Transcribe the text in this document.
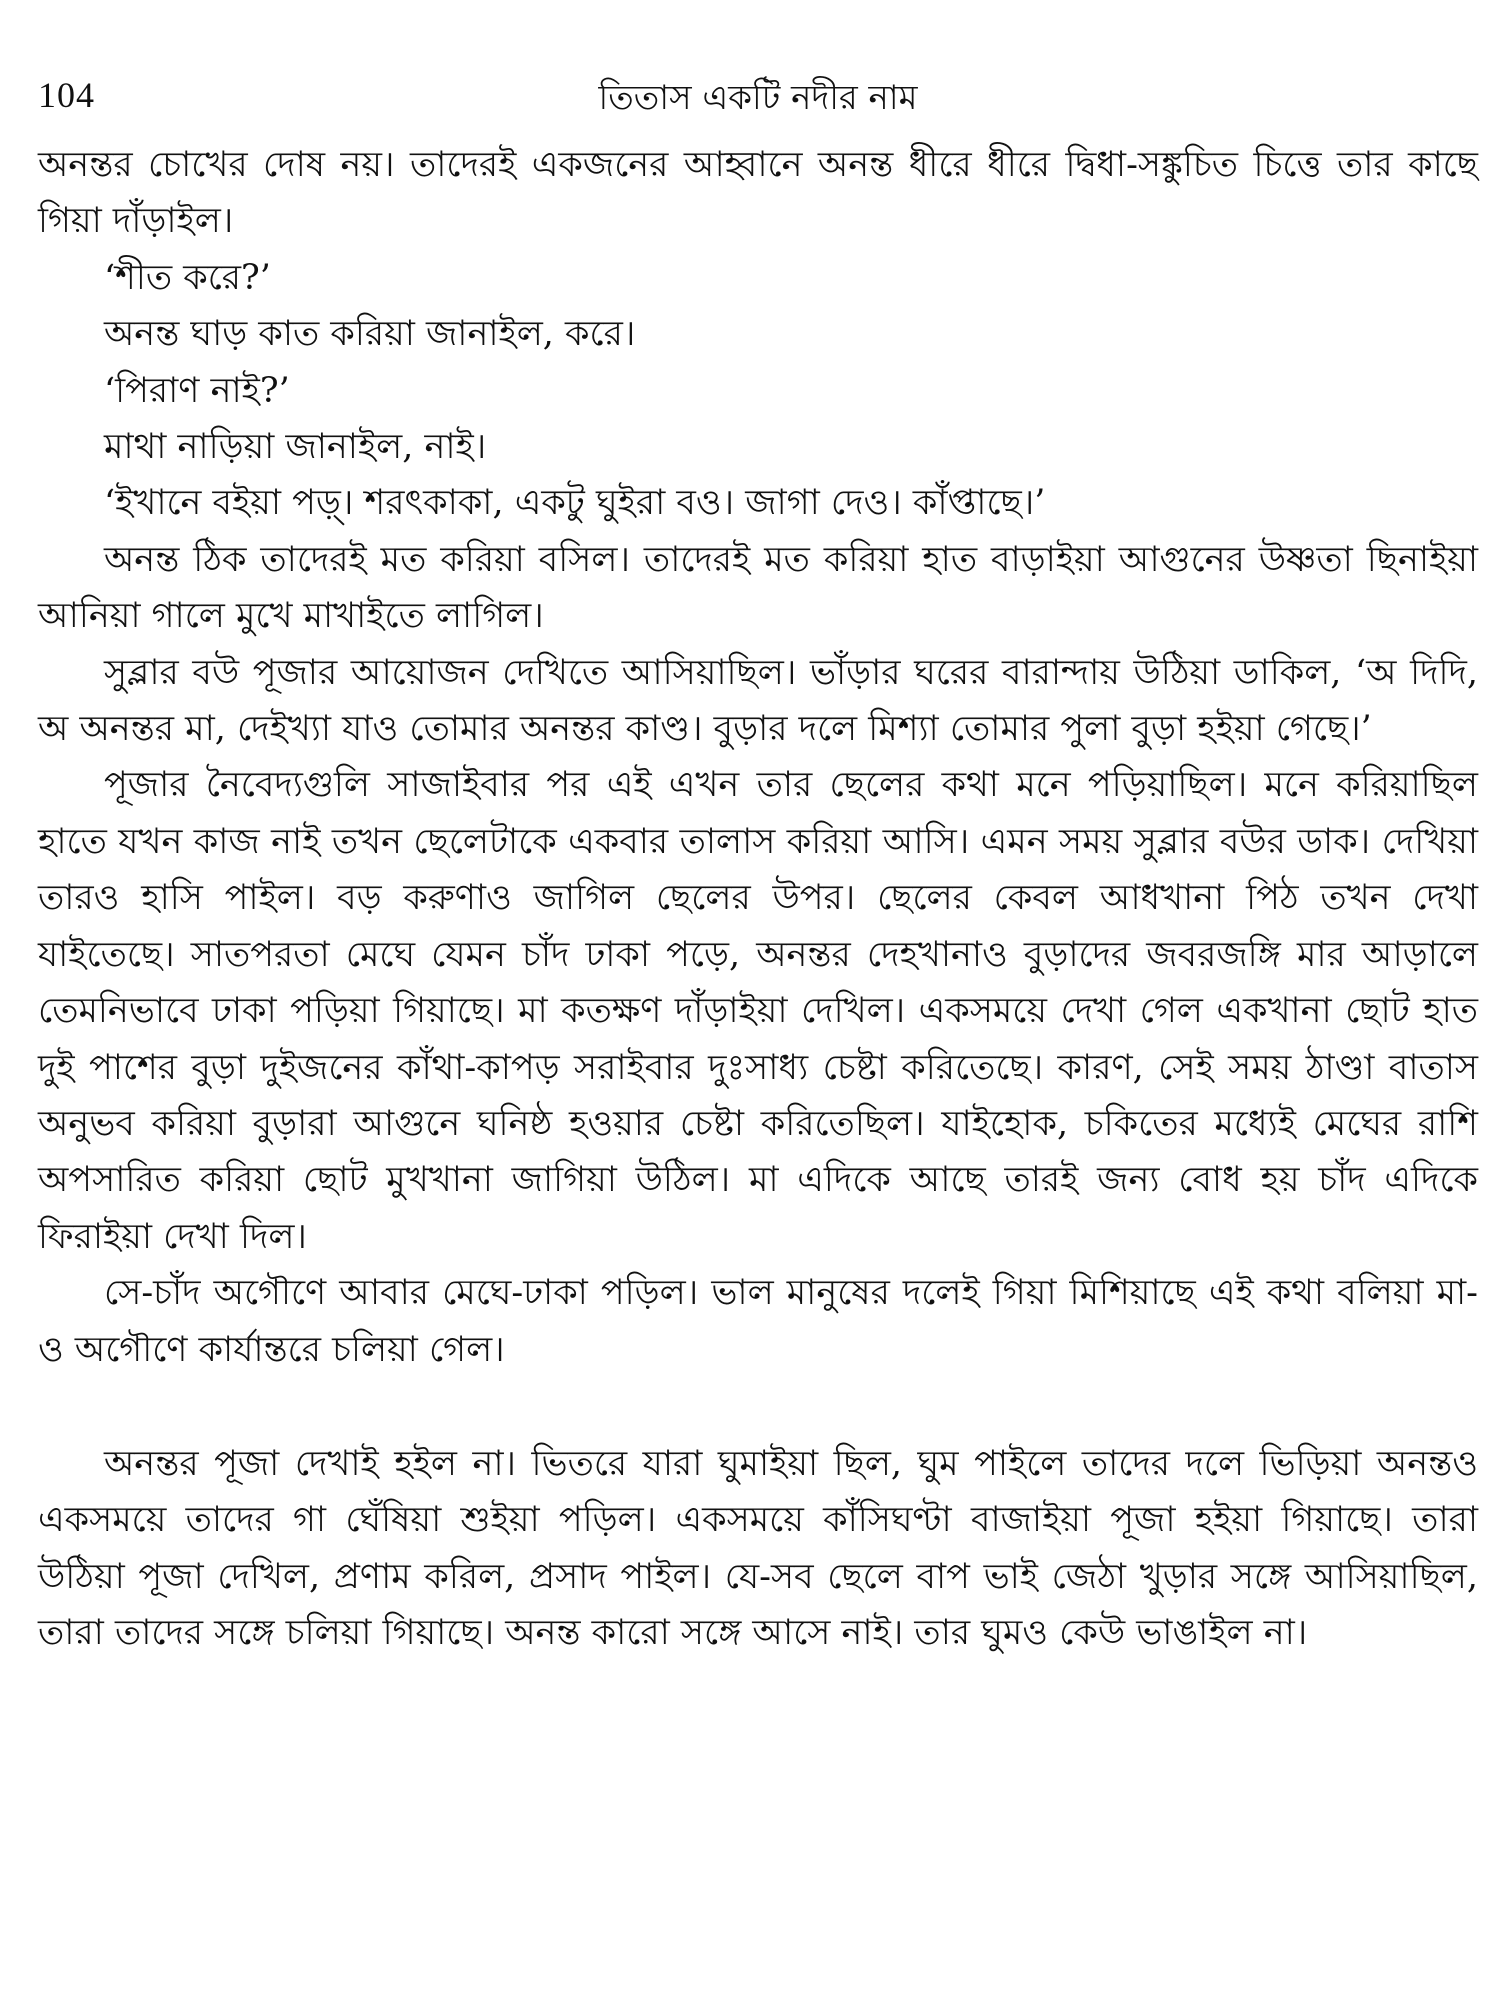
104	তিতাস একটি নদীর নাম

অনন্তর চোখের দোষ নয়। তাদেরই একজনের আহ্বানে অনন্ত ধীরে ধীরে দ্বিধা-সঙ্কুচিত চিত্তে তার কাছে গিয়া দাঁড়াইল।

‘শীত করে?’

অনন্ত ঘাড় কাত করিয়া জানাইল, করে।

‘পিরাণ নাই?’

মাথা নাড়িয়া জানাইল, নাই।

‘ইখানে বইয়া পড়্। শরৎকাকা, একটু ঘুইরা বও। জাগা দেও। কাঁপ্তাছে।’

অনন্ত ঠিক তাদেরই মত করিয়া বসিল। তাদেরই মত করিয়া হাত বাড়াইয়া আগুনের উষ্ণতা ছিনাইয়া আনিয়া গালে মুখে মাখাইতে লাগিল।

সুব্লার বউ পূজার আয়োজন দেখিতে আসিয়াছিল। ভাঁড়ার ঘরের বারান্দায় উঠিয়া ডাকিল, ‘অ দিদি, অ অনন্তর মা, দেইখ্যা যাও তোমার অনন্তর কাণ্ড। বুড়ার দলে মিশ্যা তোমার পুলা বুড়া হইয়া গেছে।’

পূজার নৈবেদ্যগুলি সাজাইবার পর এই এখন তার ছেলের কথা মনে পড়িয়াছিল। মনে করিয়াছিল হাতে যখন কাজ নাই তখন ছেলেটাকে একবার তালাস করিয়া আসি। এমন সময় সুব্লার বউর ডাক। দেখিয়া তারও হাসি পাইল। বড় করুণাও জাগিল ছেলের উপর। ছেলের কেবল আধখানা পিঠ তখন দেখা যাইতেছে। সাতপরতা মেঘে যেমন চাঁদ ঢাকা পড়ে, অনন্তর দেহখানাও বুড়াদের জবরজঙ্গি মার আড়ালে তেমনিভাবে ঢাকা পড়িয়া গিয়াছে। মা কতক্ষণ দাঁড়াইয়া দেখিল। একসময়ে দেখা গেল একখানা ছোট হাত দুই পাশের বুড়া দুইজনের কাঁথা-কাপড় সরাইবার দুঃসাধ্য চেষ্টা করিতেছে। কারণ, সেই সময় ঠাণ্ডা বাতাস অনুভব করিয়া বুড়ারা আগুনে ঘনিষ্ঠ হওয়ার চেষ্টা করিতেছিল। যাইহোক, চকিতের মধ্যেই মেঘের রাশি অপসারিত করিয়া ছোট মুখখানা জাগিয়া উঠিল। মা এদিকে আছে তারই জন্য বোধ হয় চাঁদ এদিকে ফিরাইয়া দেখা দিল।

সে-চাঁদ অগৌণে আবার মেঘে-ঢাকা পড়িল। ভাল মানুষের দলেই গিয়া মিশিয়াছে এই কথা বলিয়া মা-ও অগৌণে কার্যান্তরে চলিয়া গেল।

অনন্তর পূজা দেখাই হইল না। ভিতরে যারা ঘুমাইয়া ছিল, ঘুম পাইলে তাদের দলে ভিড়িয়া অনন্তও একসময়ে তাদের গা ঘেঁষিয়া শুইয়া পড়িল। একসময়ে কাঁসিঘণ্টা বাজাইয়া পূজা হইয়া গিয়াছে। তারা উঠিয়া পূজা দেখিল, প্রণাম করিল, প্রসাদ পাইল। যে-সব ছেলে বাপ ভাই জেঠা খুড়ার সঙ্গে আসিয়াছিল, তারা তাদের সঙ্গে চলিয়া গিয়াছে। অনন্ত কারো সঙ্গে আসে নাই। তার ঘুমও কেউ ভাঙাইল না।
